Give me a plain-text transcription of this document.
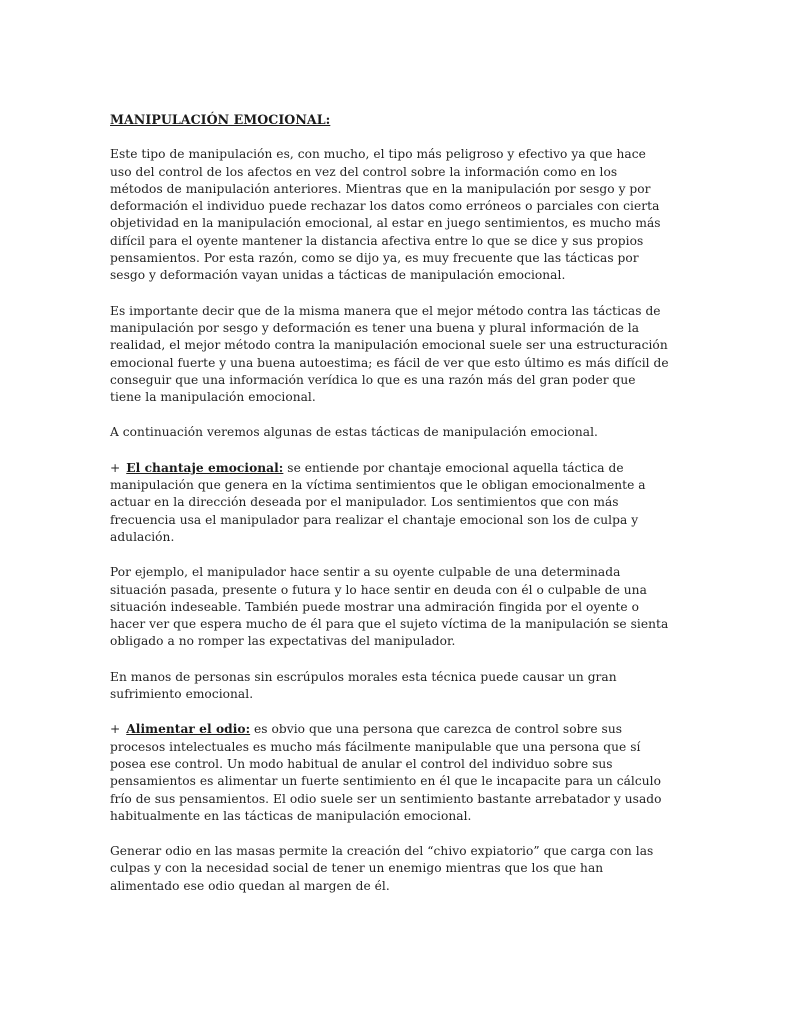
MANIPULACIÓN EMOCIONAL:

Este tipo de manipulación es, con mucho, el tipo más peligroso y efectivo ya que hace uso del control de los afectos en vez del control sobre la información como en los métodos de manipulación anteriores. Mientras que en la manipulación por sesgo y por deformación el individuo puede rechazar los datos como erróneos o parciales con cierta objetividad en la manipulación emocional, al estar en juego sentimientos, es mucho más difícil para el oyente mantener la distancia afectiva entre lo que se dice y sus propios pensamientos. Por esta razón, como se dijo ya, es muy frecuente que las tácticas por sesgo y deformación vayan unidas a tácticas de manipulación emocional.

Es importante decir que de la misma manera que el mejor método contra las tácticas de manipulación por sesgo y deformación es tener una buena y plural información de la realidad, el mejor método contra la manipulación emocional suele ser una estructuración emocional fuerte y una buena autoestima; es fácil de ver que esto último es más difícil de conseguir que una información verídica lo que es una razón más del gran poder que tiene la manipulación emocional.

A continuación veremos algunas de estas tácticas de manipulación emocional.

+ El chantaje emocional: se entiende por chantaje emocional aquella táctica de manipulación que genera en la víctima sentimientos que le obligan emocionalmente a actuar en la dirección deseada por el manipulador. Los sentimientos que con más frecuencia usa el manipulador para realizar el chantaje emocional son los de culpa y adulación.

Por ejemplo, el manipulador hace sentir a su oyente culpable de una determinada situación pasada, presente o futura y lo hace sentir en deuda con él o culpable de una situación indeseable. También puede mostrar una admiración fingida por el oyente o hacer ver que espera mucho de él para que el sujeto víctima de la manipulación se sienta obligado a no romper las expectativas del manipulador.

En manos de personas sin escrúpulos morales esta técnica puede causar un gran sufrimiento emocional.

+ Alimentar el odio: es obvio que una persona que carezca de control sobre sus procesos intelectuales es mucho más fácilmente manipulable que una persona que sí posea ese control. Un modo habitual de anular el control del individuo sobre sus pensamientos es alimentar un fuerte sentimiento en él que le incapacite para un cálculo frío de sus pensamientos. El odio suele ser un sentimiento bastante arrebatador y usado habitualmente en las tácticas de manipulación emocional.

Generar odio en las masas permite la creación del “chivo expiatorio” que carga con las culpas y con la necesidad social de tener un enemigo mientras que los que han alimentado ese odio quedan al margen de él.
